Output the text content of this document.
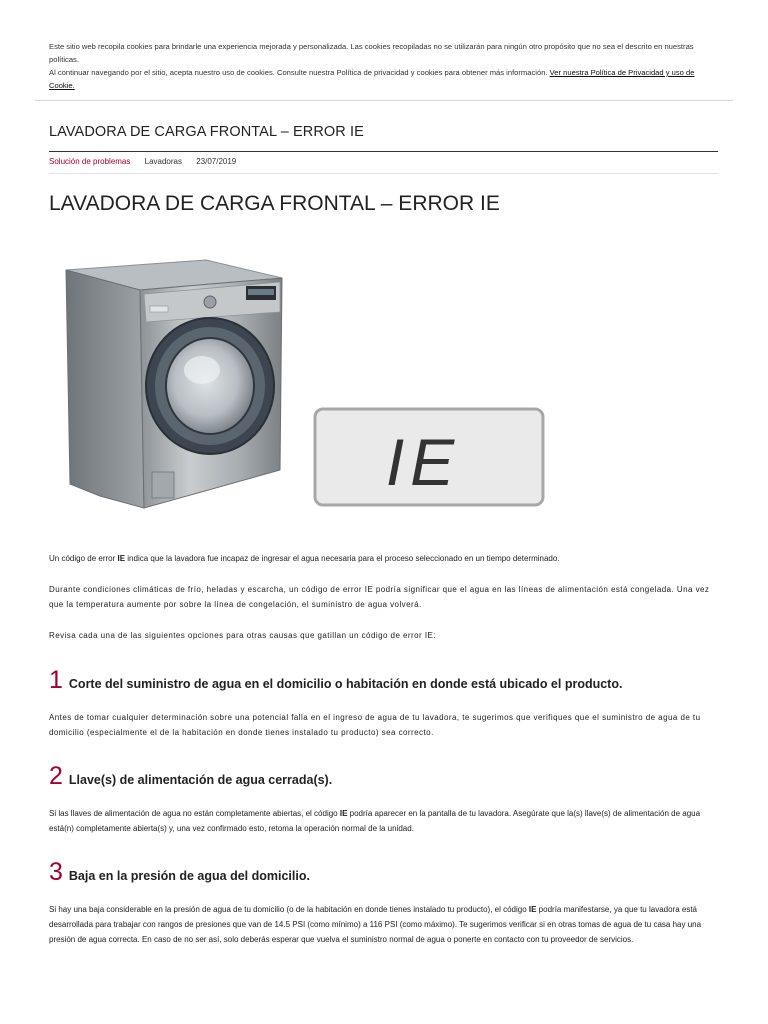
Este sitio web recopila cookies para brindarle una experiencia mejorada y personalizada. Las cookies recopiladas no se utilizarán para ningún otro propósito que no sea el descrito en nuestras políticas.

Al continuar navegando por el sitio, acepta nuestro uso de cookies. Consulte nuestra Política de privacidad y cookies para obtener más información. Ver nuestra Política de Privacidad y uso de Cookie.

LAVADORA DE CARGA FRONTAL – ERROR IE
Solución de problemas Lavadoras 23/07/2019
LAVADORA DE CARGA FRONTAL – ERROR IE
IE

Un código de error IE indica que la lavadora fue incapaz de ingresar el agua necesaria para el proceso seleccionado en un tiempo determinado.

Durante condiciones climáticas de frío, heladas y escarcha, un código de error IE podría significar que el agua en las líneas de alimentación está congelada. Una vez que la temperatura aumente por sobre la línea de congelación, el suministro de agua volverá.

Revisa cada una de las siguientes opciones para otras causas que gatillan un código de error IE:

1 Corte del suministro de agua en el domicilio o habitación en donde está ubicado el producto.

Antes de tomar cualquier determinación sobre una potencial falla en el ingreso de agua de tu lavadora, te sugerimos que verifiques que el suministro de agua de tu domicilio (especialmente el de la habitación en donde tienes instalado tu producto) sea correcto.

2 Llave(s) de alimentación de agua cerrada(s).

Si las llaves de alimentación de agua no están completamente abiertas, el código IE podría aparecer en la pantalla de tu lavadora. Asegúrate que la(s) llave(s) de alimentación de agua está(n) completamente abierta(s) y, una vez confirmado esto, retoma la operación normal de la unidad.

3 Baja en la presión de agua del domicilio.

Si hay una baja considerable en la presión de agua de tu domicilio (o de la habitación en donde tienes instalado tu producto), el código IE podría manifestarse, ya que tu lavadora está desarrollada para trabajar con rangos de presiones que van de 14.5 PSI (como mínimo) a 116 PSI (como máximo). Te sugerimos verificar si en otras tomas de agua de tu casa hay una presión de agua correcta. En caso de no ser así, solo deberás esperar que vuelva el suministro normal de agua o ponerte en contacto con tu proveedor de servicios.
